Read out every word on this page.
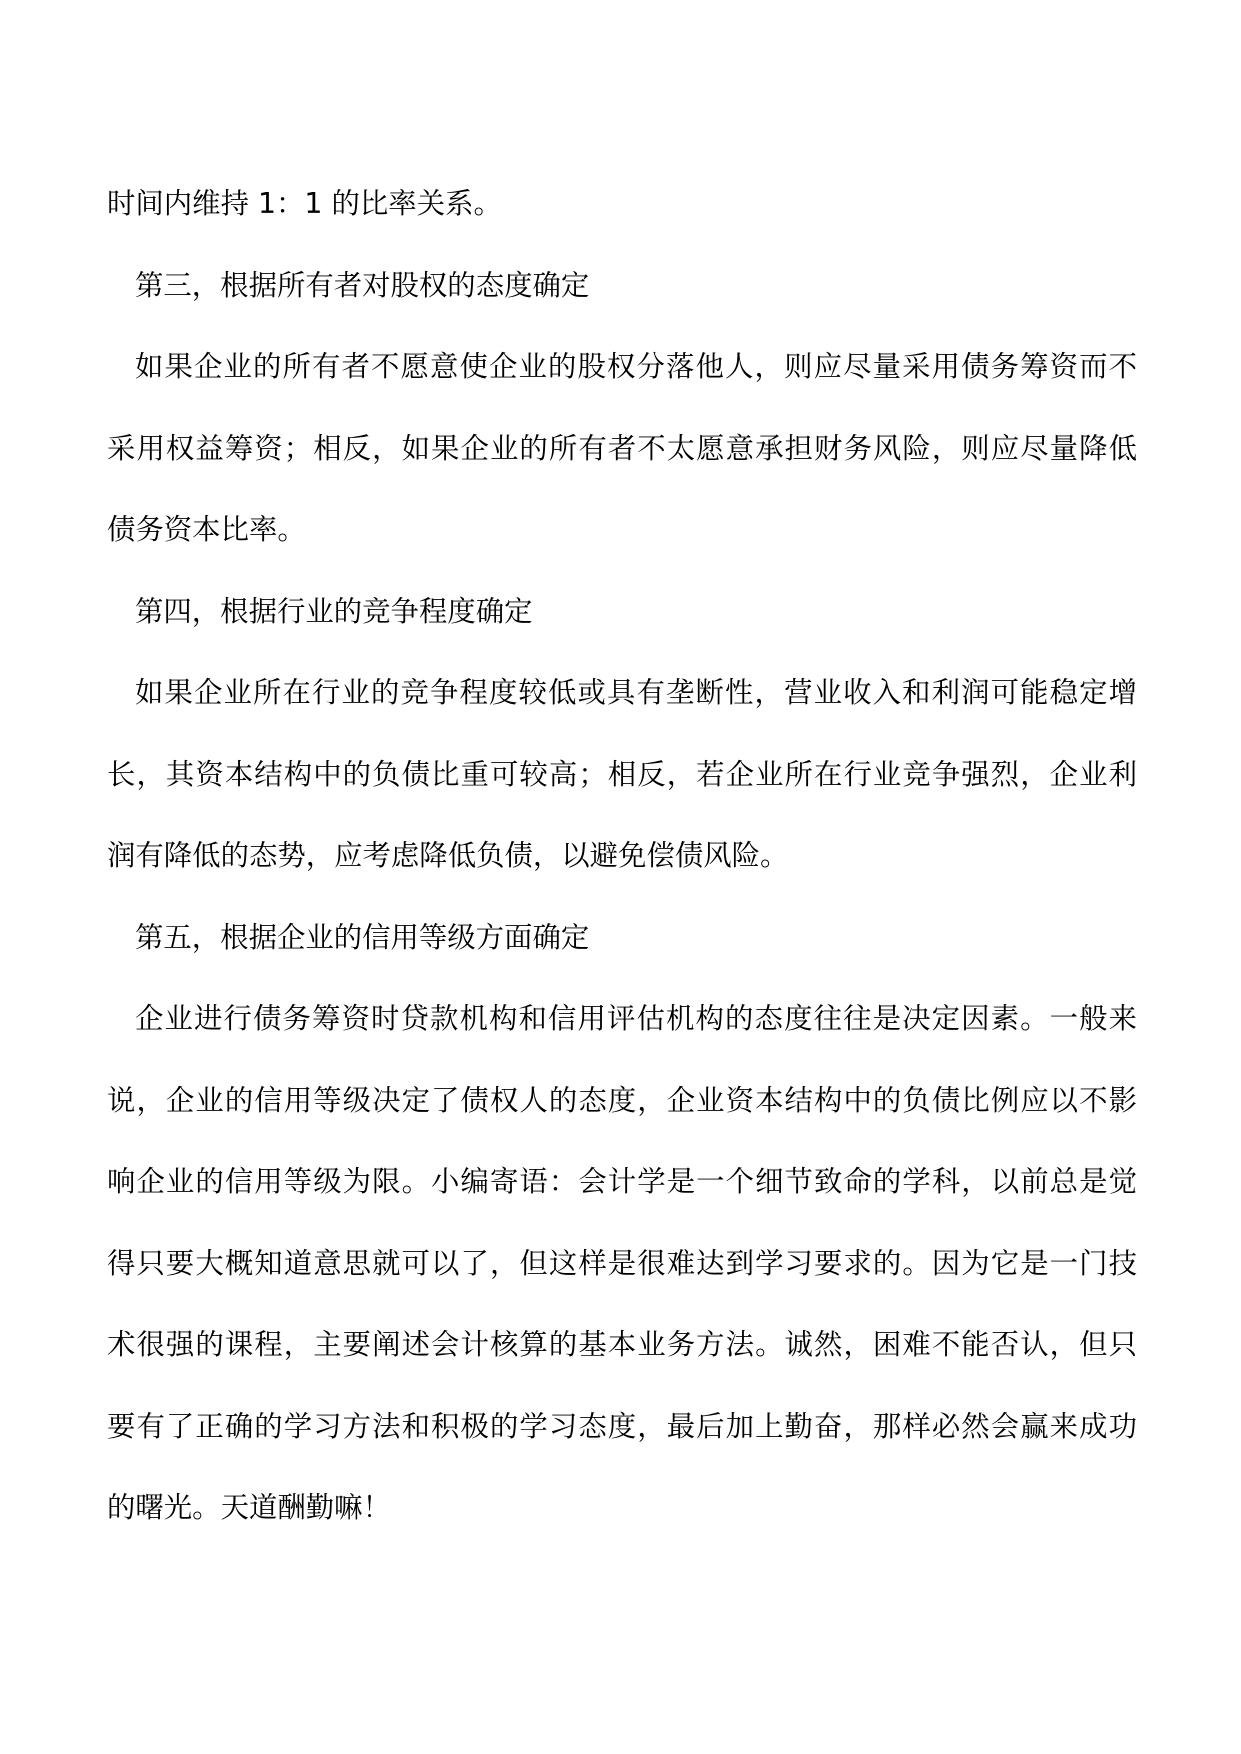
时间内维持 1：1 的比率关系。
第三，根据所有者对股权的态度确定
如果企业的所有者不愿意使企业的股权分落他人，则应尽量采用债务筹资而不
采用权益筹资；相反，如果企业的所有者不太愿意承担财务风险，则应尽量降低
债务资本比率。
第四，根据行业的竞争程度确定
如果企业所在行业的竞争程度较低或具有垄断性，营业收入和利润可能稳定增
长，其资本结构中的负债比重可较高；相反，若企业所在行业竞争强烈，企业利
润有降低的态势，应考虑降低负债，以避免偿债风险。
第五，根据企业的信用等级方面确定
企业进行债务筹资时贷款机构和信用评估机构的态度往往是决定因素。一般来
说，企业的信用等级决定了债权人的态度，企业资本结构中的负债比例应以不影
响企业的信用等级为限。小编寄语：会计学是一个细节致命的学科，以前总是觉
得只要大概知道意思就可以了，但这样是很难达到学习要求的。因为它是一门技
术很强的课程，主要阐述会计核算的基本业务方法。诚然，困难不能否认，但只
要有了正确的学习方法和积极的学习态度，最后加上勤奋，那样必然会赢来成功
的曙光。天道酬勤嘛！
